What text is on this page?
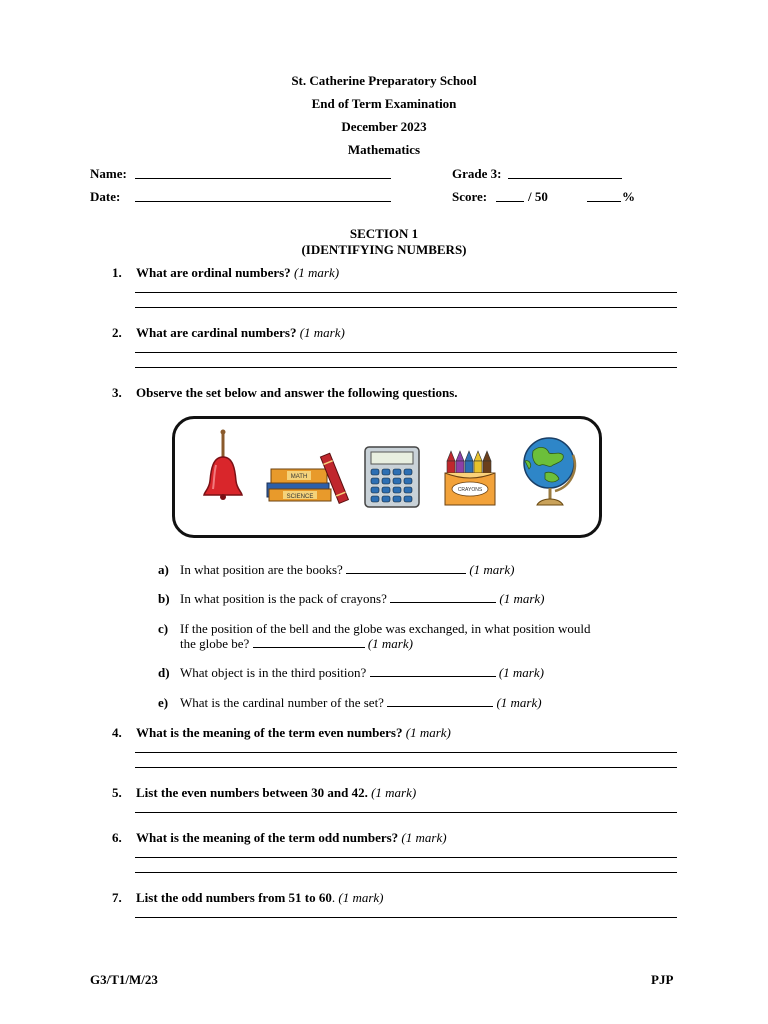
St. Catherine Preparatory School
End of Term Examination
December 2023
Mathematics
Name:	Grade 3:
Date:	Score:	/ 50	%
SECTION 1
(IDENTIFYING NUMBERS)
1. What are ordinal numbers? (1 mark)
2. What are cardinal numbers? (1 mark)
3. Observe the set below and answer the following questions.
MATH
SCIENCE
CRAYONS
a) In what position are the books?	(1 mark)
b) In what position is the pack of crayons?	(1 mark)
c) If the position of the bell and the globe was exchanged, in what position would
the globe be?	(1 mark)
d) What object is in the third position?	(1 mark)
e) What is the cardinal number of the set?	(1 mark)
4. What is the meaning of the term even numbers? (1 mark)
5. List the even numbers between 30 and 42. (1 mark)
6. What is the meaning of the term odd numbers? (1 mark)
7. List the odd numbers from 51 to 60. (1 mark)
G3/T1/M/23	PJP
